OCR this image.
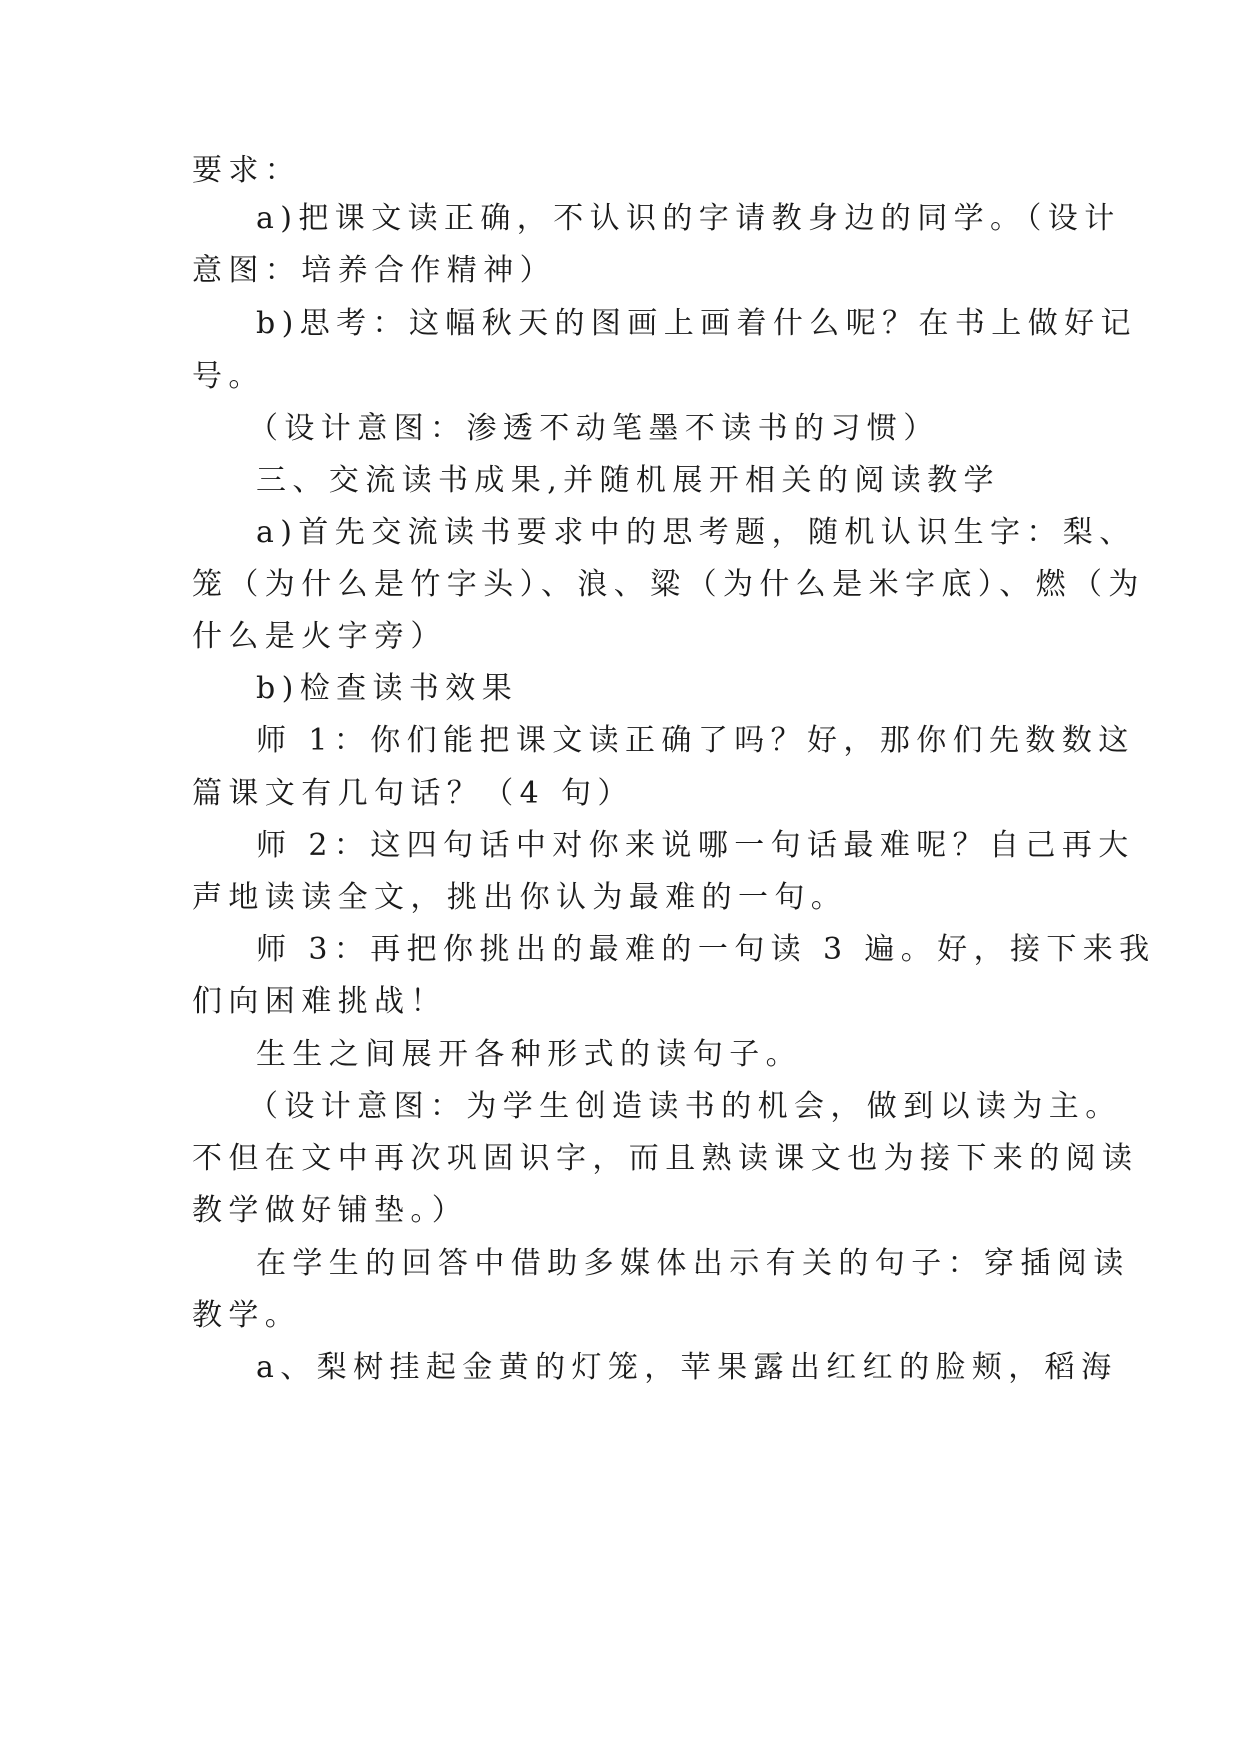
要求：
a)把课文读正确，不认识的字请教身边的同学。（设计
意图：培养合作精神）
b)思考：这幅秋天的图画上画着什么呢？在书上做好记
号。
（设计意图：渗透不动笔墨不读书的习惯）
三、交流读书成果,并随机展开相关的阅读教学
a)首先交流读书要求中的思考题，随机认识生字：梨、
笼（为什么是竹字头）、浪、粱（为什么是米字底）、燃（为
什么是火字旁）
b)检查读书效果
师 1：你们能把课文读正确了吗？好，那你们先数数这
篇课文有几句话？（4 句）
师 2：这四句话中对你来说哪一句话最难呢？自己再大
声地读读全文，挑出你认为最难的一句。
师 3：再把你挑出的最难的一句读 3 遍。好，接下来我
们向困难挑战！
生生之间展开各种形式的读句子。
（设计意图：为学生创造读书的机会，做到以读为主。
不但在文中再次巩固识字，而且熟读课文也为接下来的阅读
教学做好铺垫。）
在学生的回答中借助多媒体出示有关的句子：穿插阅读
教学。
a、梨树挂起金黄的灯笼，苹果露出红红的脸颊，稻海
